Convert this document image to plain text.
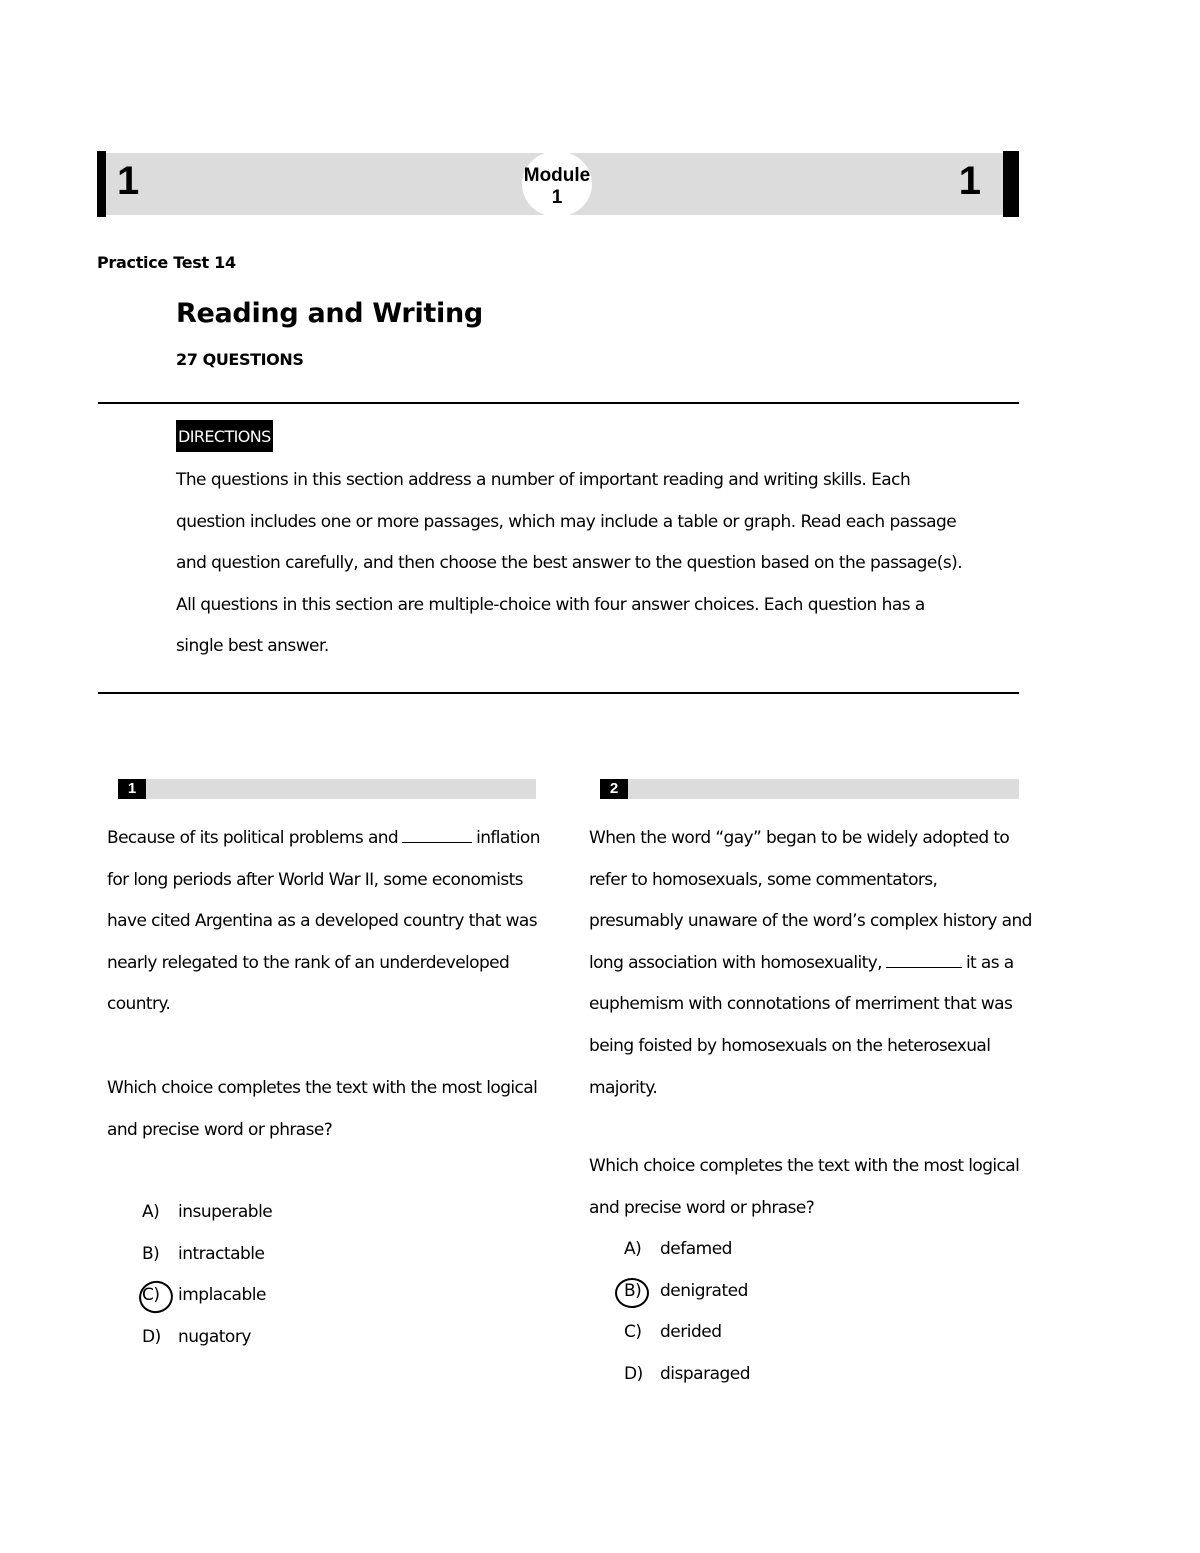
1	Module
1	1
Practice Test 14
Reading and Writing
27 QUESTIONS
DIRECTIONS
The questions in this section address a number of important reading and writing skills. Each
question includes one or more passages, which may include a table or graph. Read each passage
and question carefully, and then choose the best answer to the question based on the passage(s).
All questions in this section are multiple-choice with four answer choices. Each question has a
single best answer.
1
Because of its political problems and	inflation
for long periods after World War II, some economists
have cited Argentina as a developed country that was
nearly relegated to the rank of an underdeveloped
country.
Which choice completes the text with the most logical
and precise word or phrase?
A) insuperable
B) intractable
C) implacable
D) nugatory
2
When the word “gay” began to be widely adopted to
refer to homosexuals, some commentators,
presumably unaware of the word’s complex history and
long association with homosexuality,	it as a
euphemism with connotations of merriment that was
being foisted by homosexuals on the heterosexual
majority.
Which choice completes the text with the most logical
and precise word or phrase?
A) defamed
B) denigrated
C) derided
D) disparaged
